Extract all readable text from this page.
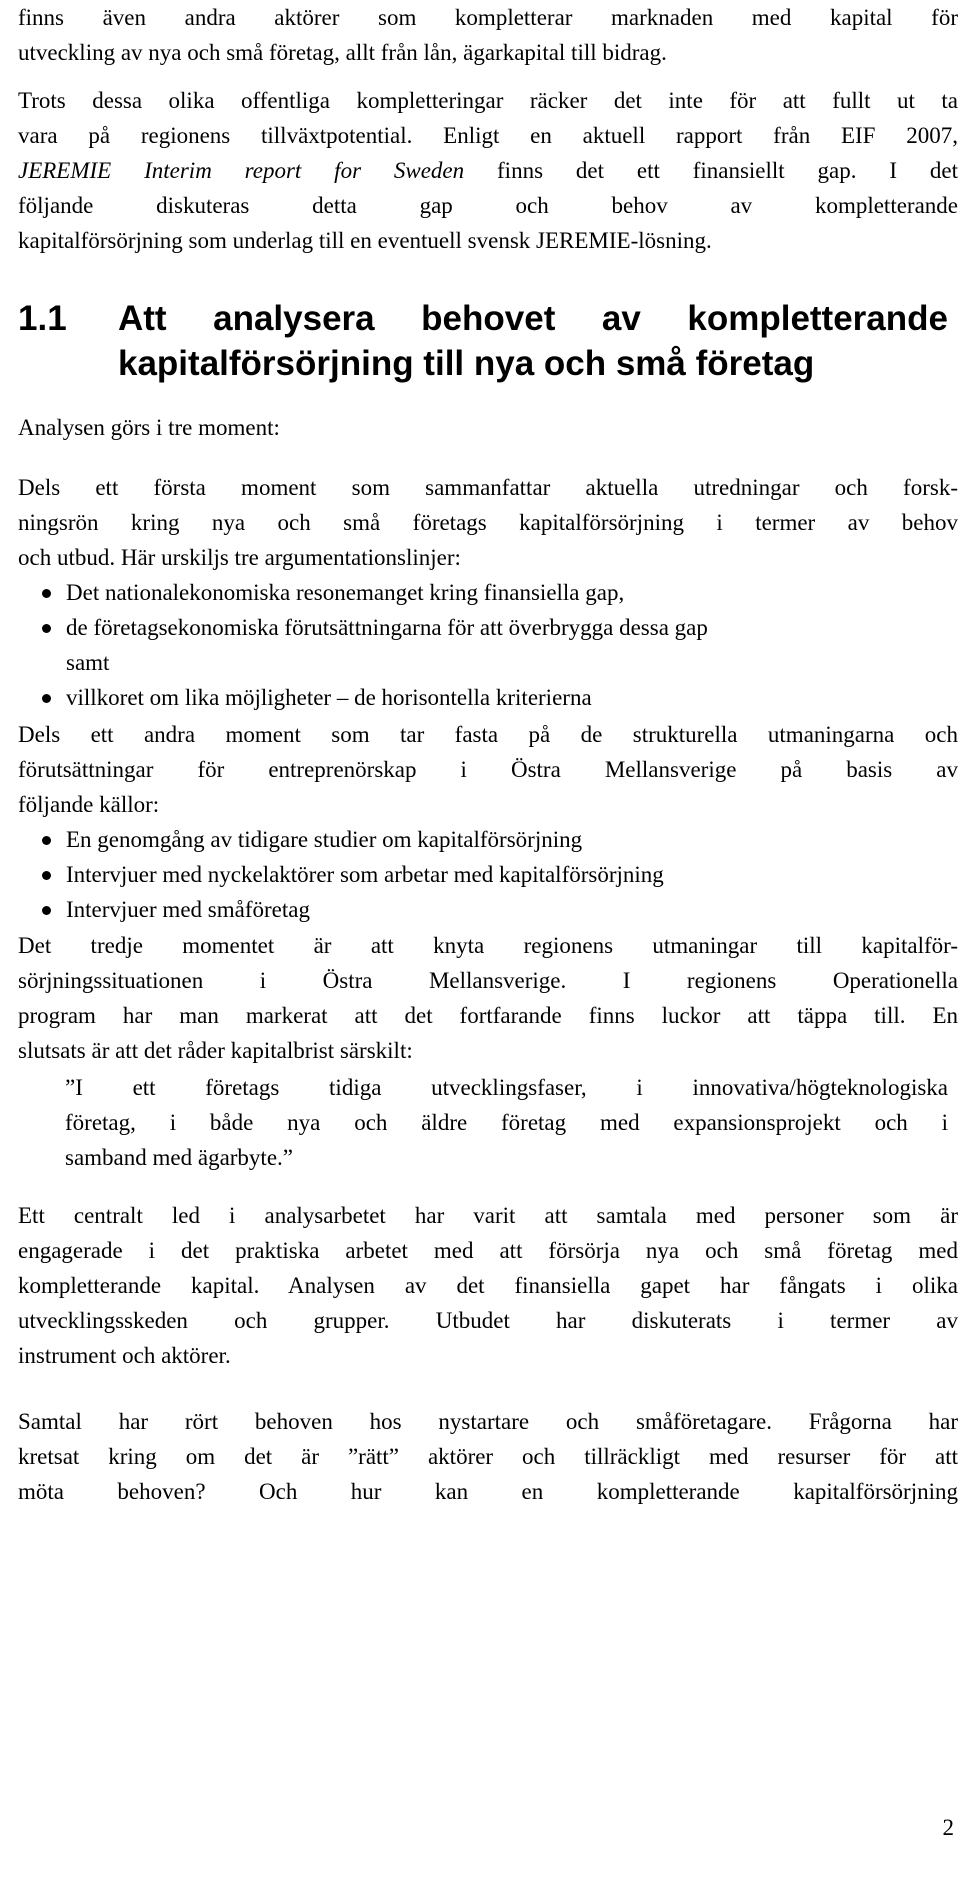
finns även andra aktörer som kompletterar marknaden med kapital för
utveckling av nya och små företag, allt från lån, ägarkapital till bidrag.
Trots dessa olika offentliga kompletteringar räcker det inte för att fullt ut ta
vara på regionens tillväxtpotential. Enligt en aktuell rapport från EIF 2007,
JEREMIE Interim report for Sweden finns det ett finansiellt gap. I det
följande diskuteras detta gap och behov av kompletterande
kapitalförsörjning som underlag till en eventuell svensk JEREMIE-lösning.
1.1 Att analysera behovet av kompletterande
kapitalförsörjning till nya och små företag
Analysen görs i tre moment:
Dels ett första moment som sammanfattar aktuella utredningar och forsk-
ningsrön kring nya och små företags kapitalförsörjning i termer av behov
och utbud. Här urskiljs tre argumentationslinjer:
Det nationalekonomiska resonemanget kring finansiella gap,
de företagsekonomiska förutsättningarna för att överbrygga dessa gap
samt
villkoret om lika möjligheter – de horisontella kriterierna
Dels ett andra moment som tar fasta på de strukturella utmaningarna och
förutsättningar för entreprenörskap i Östra Mellansverige på basis av
följande källor:
En genomgång av tidigare studier om kapitalförsörjning
Intervjuer med nyckelaktörer som arbetar med kapitalförsörjning
Intervjuer med småföretag
Det tredje momentet är att knyta regionens utmaningar till kapitalför-
sörjningssituationen i Östra Mellansverige. I regionens Operationella
program har man markerat att det fortfarande finns luckor att täppa till. En
slutsats är att det råder kapitalbrist särskilt:
”I ett företags tidiga utvecklingsfaser, i innovativa/högteknologiska
företag, i både nya och äldre företag med expansionsprojekt och i
samband med ägarbyte.”
Ett centralt led i analysarbetet har varit att samtala med personer som är
engagerade i det praktiska arbetet med att försörja nya och små företag med
kompletterande kapital. Analysen av det finansiella gapet har fångats i olika
utvecklingsskeden och grupper. Utbudet har diskuterats i termer av
instrument och aktörer.
Samtal har rört behoven hos nystartare och småföretagare. Frågorna har
kretsat kring om det är ”rätt” aktörer och tillräckligt med resurser för att
möta behoven? Och hur kan en kompletterande kapitalförsörjning
2
